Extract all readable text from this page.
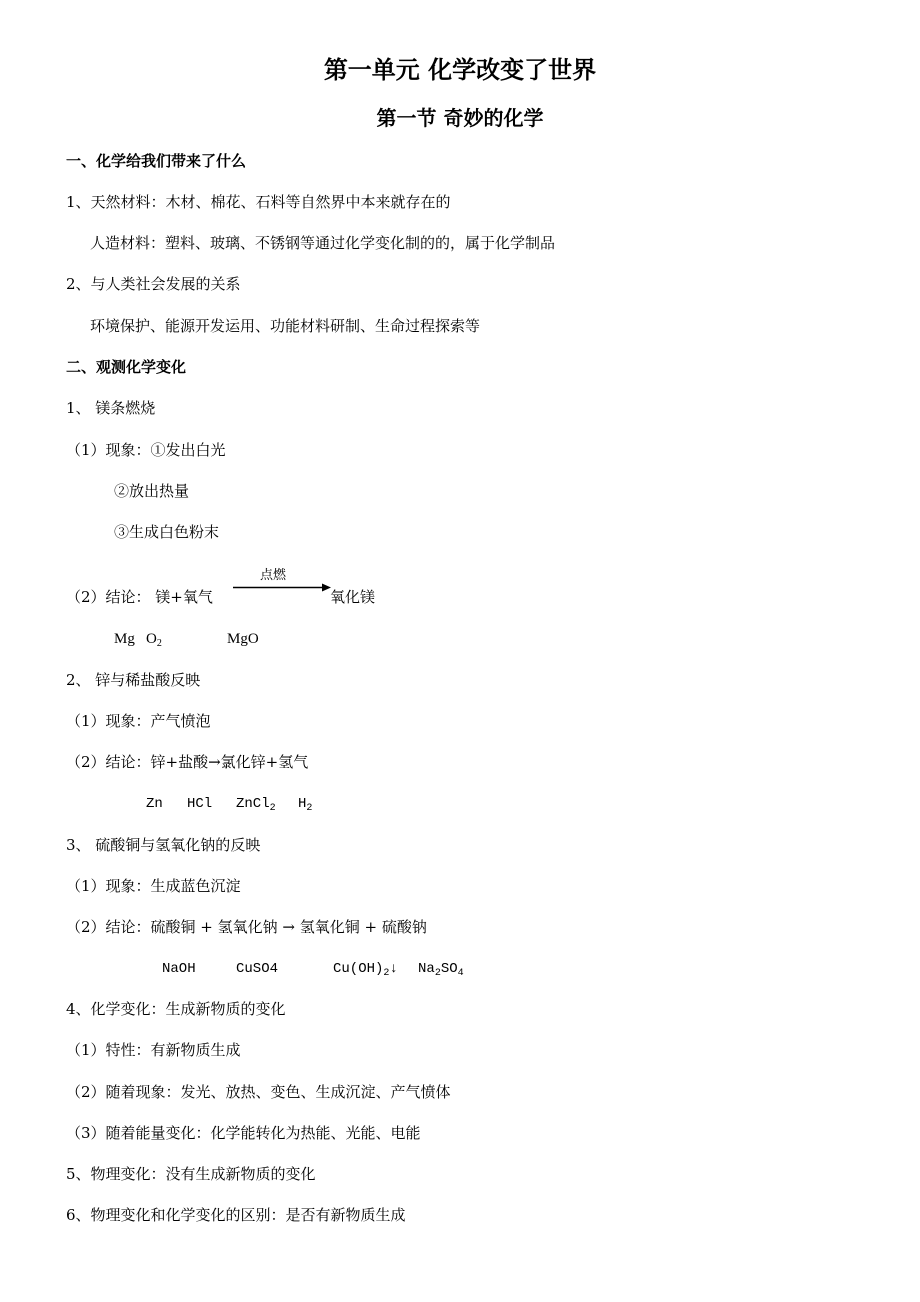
第一单元 化学改变了世界
第一节 奇妙的化学
一、化学给我们带来了什么
1、天然材料：木材、棉花、石料等自然界中本来就存在的
人造材料：塑料、玻璃、不锈钢等通过化学变化制的的，属于化学制品
2、与人类社会发展的关系
环境保护、能源开发运用、功能材料研制、生命过程探索等
二、观测化学变化
1、 镁条燃烧
（1）现象：①发出白光
②放出热量
③生成白色粉末
（2）结论： 镁+氧气
点燃
氧化镁
Mg $O_2$	MgO
2、 锌与稀盐酸反映
（1）现象：产气愤泡
（2）结论：锌+盐酸→氯化锌+氢气
Zn HCl ZnCl$_2$ $H_2$
3、 硫酸铜与氢氧化钠的反映
（1）现象：生成蓝色沉淀
（2）结论：硫酸铜 + 氢氧化钠 → 氢氧化铜 + 硫酸钠
NaOH	CuSO4	$Cu(OH)_2↓$ $Na_2SO_4$
4、化学变化：生成新物质的变化
（1）特性：有新物质生成
（2）随着现象：发光、放热、变色、生成沉淀、产气愤体
（3）随着能量变化：化学能转化为热能、光能、电能
5、物理变化：没有生成新物质的变化
6、物理变化和化学变化的区别：是否有新物质生成
